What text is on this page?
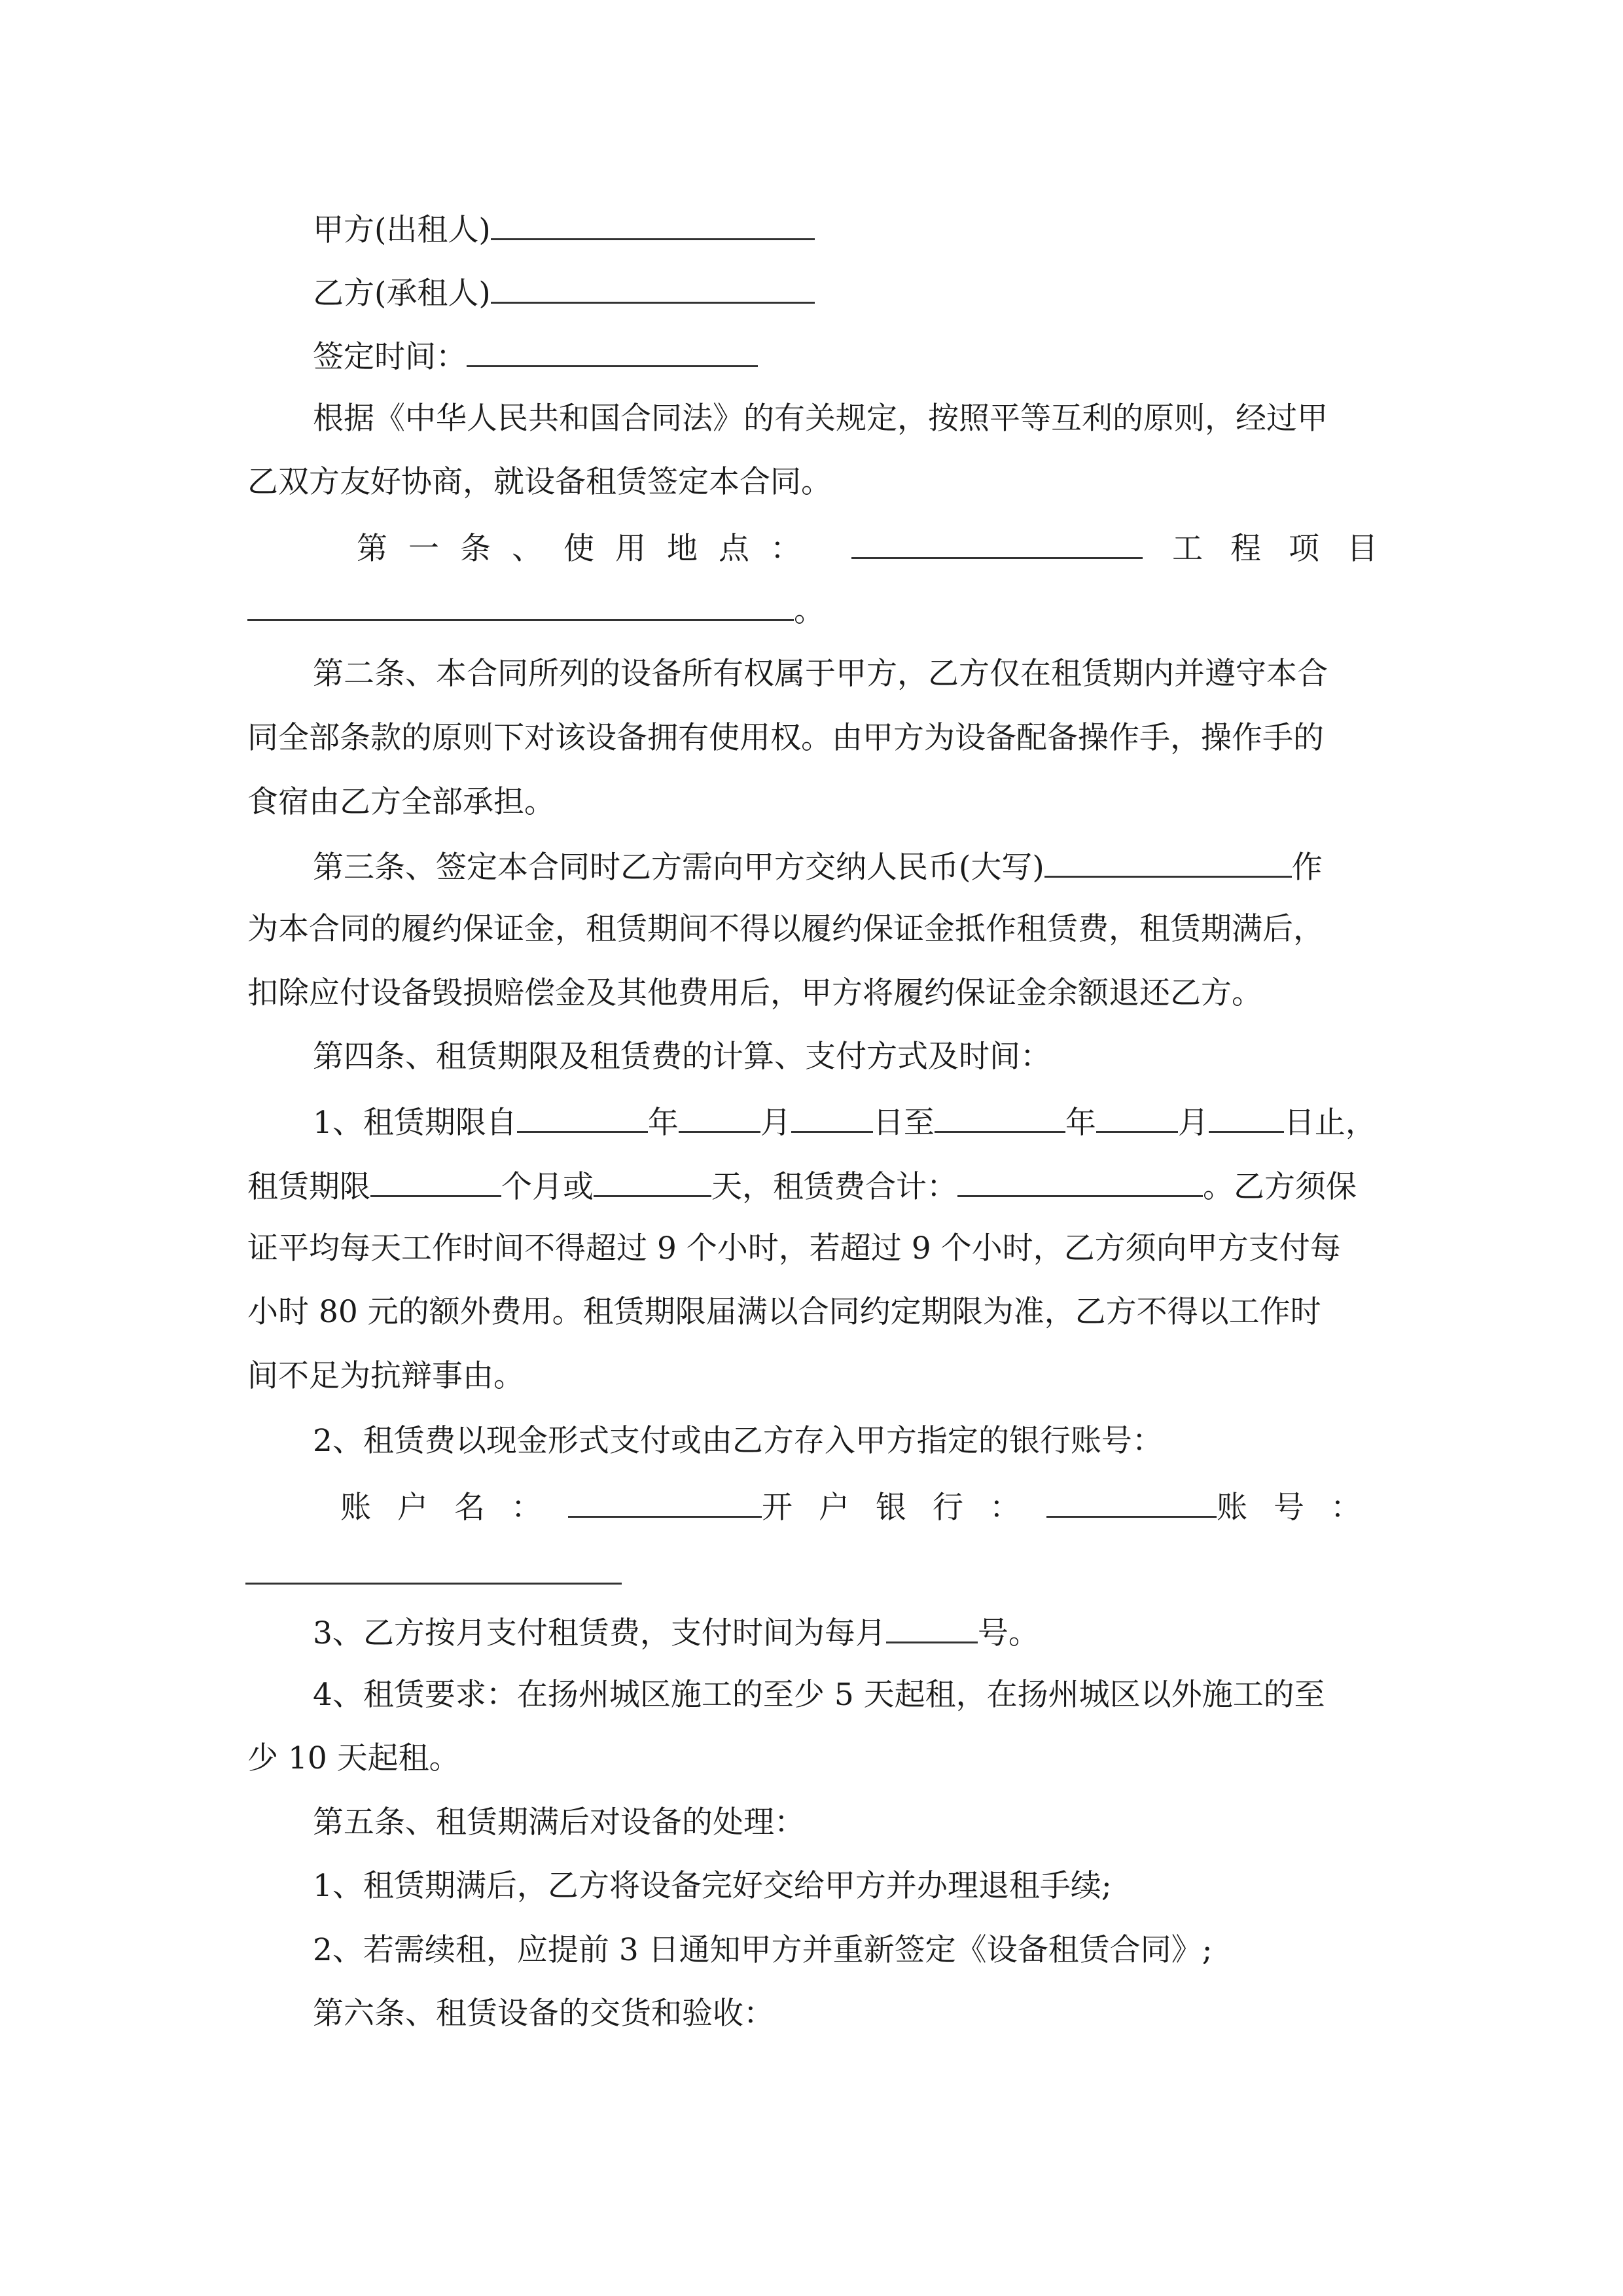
甲方(出租人)
乙方(承租人)
签定时间：
根据《中华人民共和国合同法》的有关规定，按照平等互利的原则，经过甲
乙双方友好协商，就设备租赁签定本合同。
第一条、使用地点：	工程项目
。
第二条、本合同所列的设备所有权属于甲方，乙方仅在租赁期内并遵守本合
同全部条款的原则下对该设备拥有使用权。由甲方为设备配备操作手，操作手的
食宿由乙方全部承担。
第三条、签定本合同时乙方需向甲方交纳人民币(大写)	作
为本合同的履约保证金，租赁期间不得以履约保证金抵作租赁费，租赁期满后，
扣除应付设备毁损赔偿金及其他费用后，甲方将履约保证金余额退还乙方。
第四条、租赁期限及租赁费的计算、支付方式及时间：
1、租赁期限自	年	月	日至	年	月 日止，
租赁期限	个月或	天，租赁费合计：	。乙方须保
证平均每天工作时间不得超过 9 个小时，若超过 9 个小时，乙方须向甲方支付每
小时 80 元的额外费用。租赁期限届满以合同约定期限为准，乙方不得以工作时
间不足为抗辩事由。
2、租赁费以现金形式支付或由乙方存入甲方指定的银行账号：
账户名：	开户银行：	账号：
3、乙方按月支付租赁费，支付时间为每月	号。
4、租赁要求：在扬州城区施工的至少 5 天起租，在扬州城区以外施工的至
少 10 天起租。
第五条、租赁期满后对设备的处理：
1、租赁期满后，乙方将设备完好交给甲方并办理退租手续;
2、若需续租，应提前 3 日通知甲方并重新签定《设备租赁合同》;
第六条、租赁设备的交货和验收：
